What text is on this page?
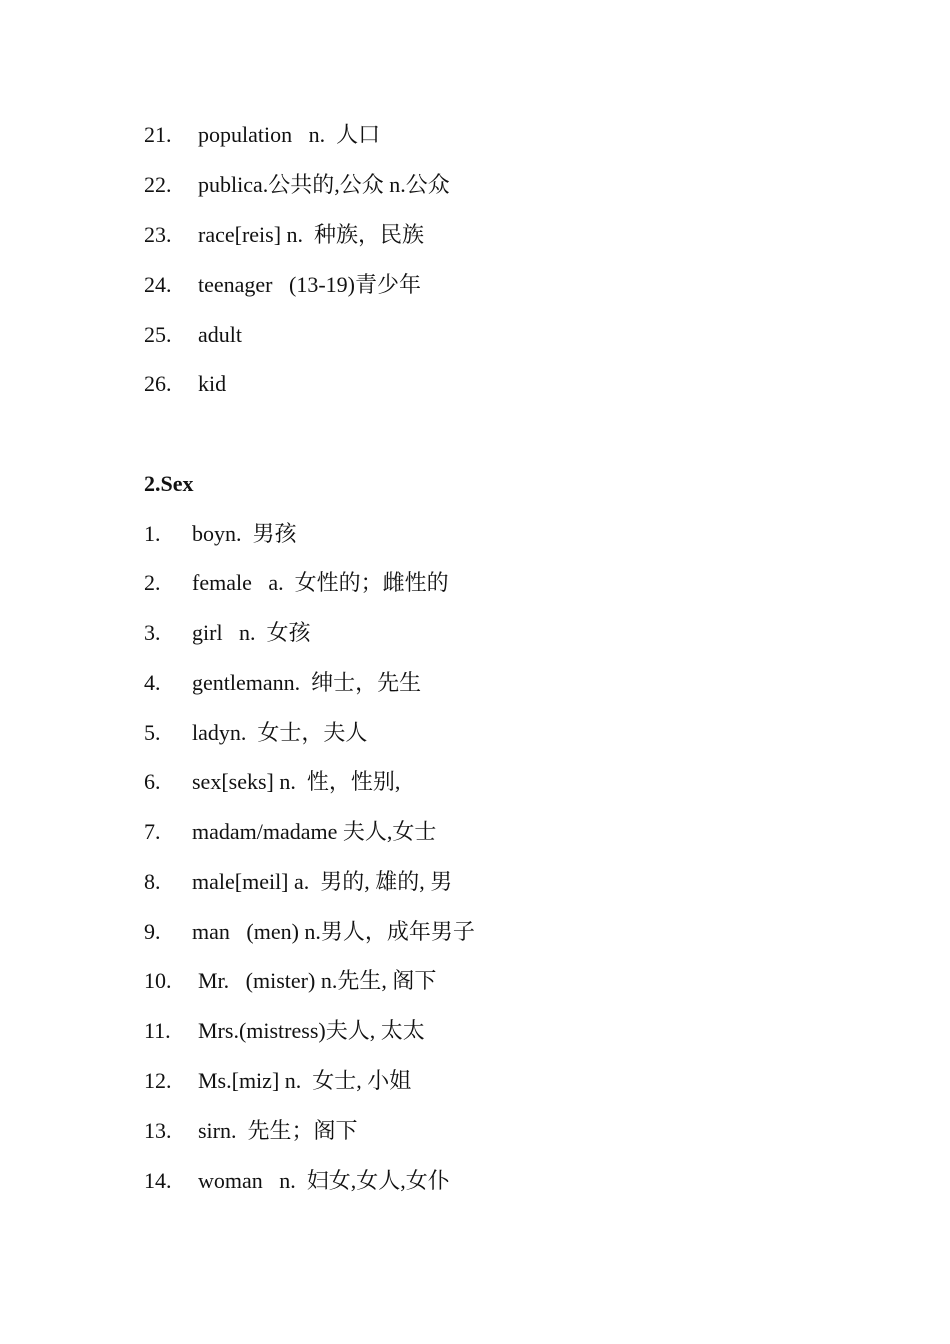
21. population   n.  人口
22. publica.公共的,公众 n.公众
23. race[reis] n.  种族，民族
24. teenager   (13-19)青少年
25. adult
26. kid
2.Sex
1. boyn.  男孩
2. female   a.  女性的；雌性的
3. girl   n.  女孩
4. gentlemann.  绅士，先生
5. ladyn.  女士，夫人
6. sex[seks] n.  性，性别,
7. madam/madame 夫人,女士
8. male[meil] a.  男的, 雄的, 男
9. man   (men) n.男人，成年男子
10. Mr.   (mister) n.先生, 阁下
11. Mrs.(mistress)夫人, 太太
12. Ms.[miz] n.  女士, 小姐
13. sirn.  先生；阁下
14. woman   n.  妇女,女人,女仆
